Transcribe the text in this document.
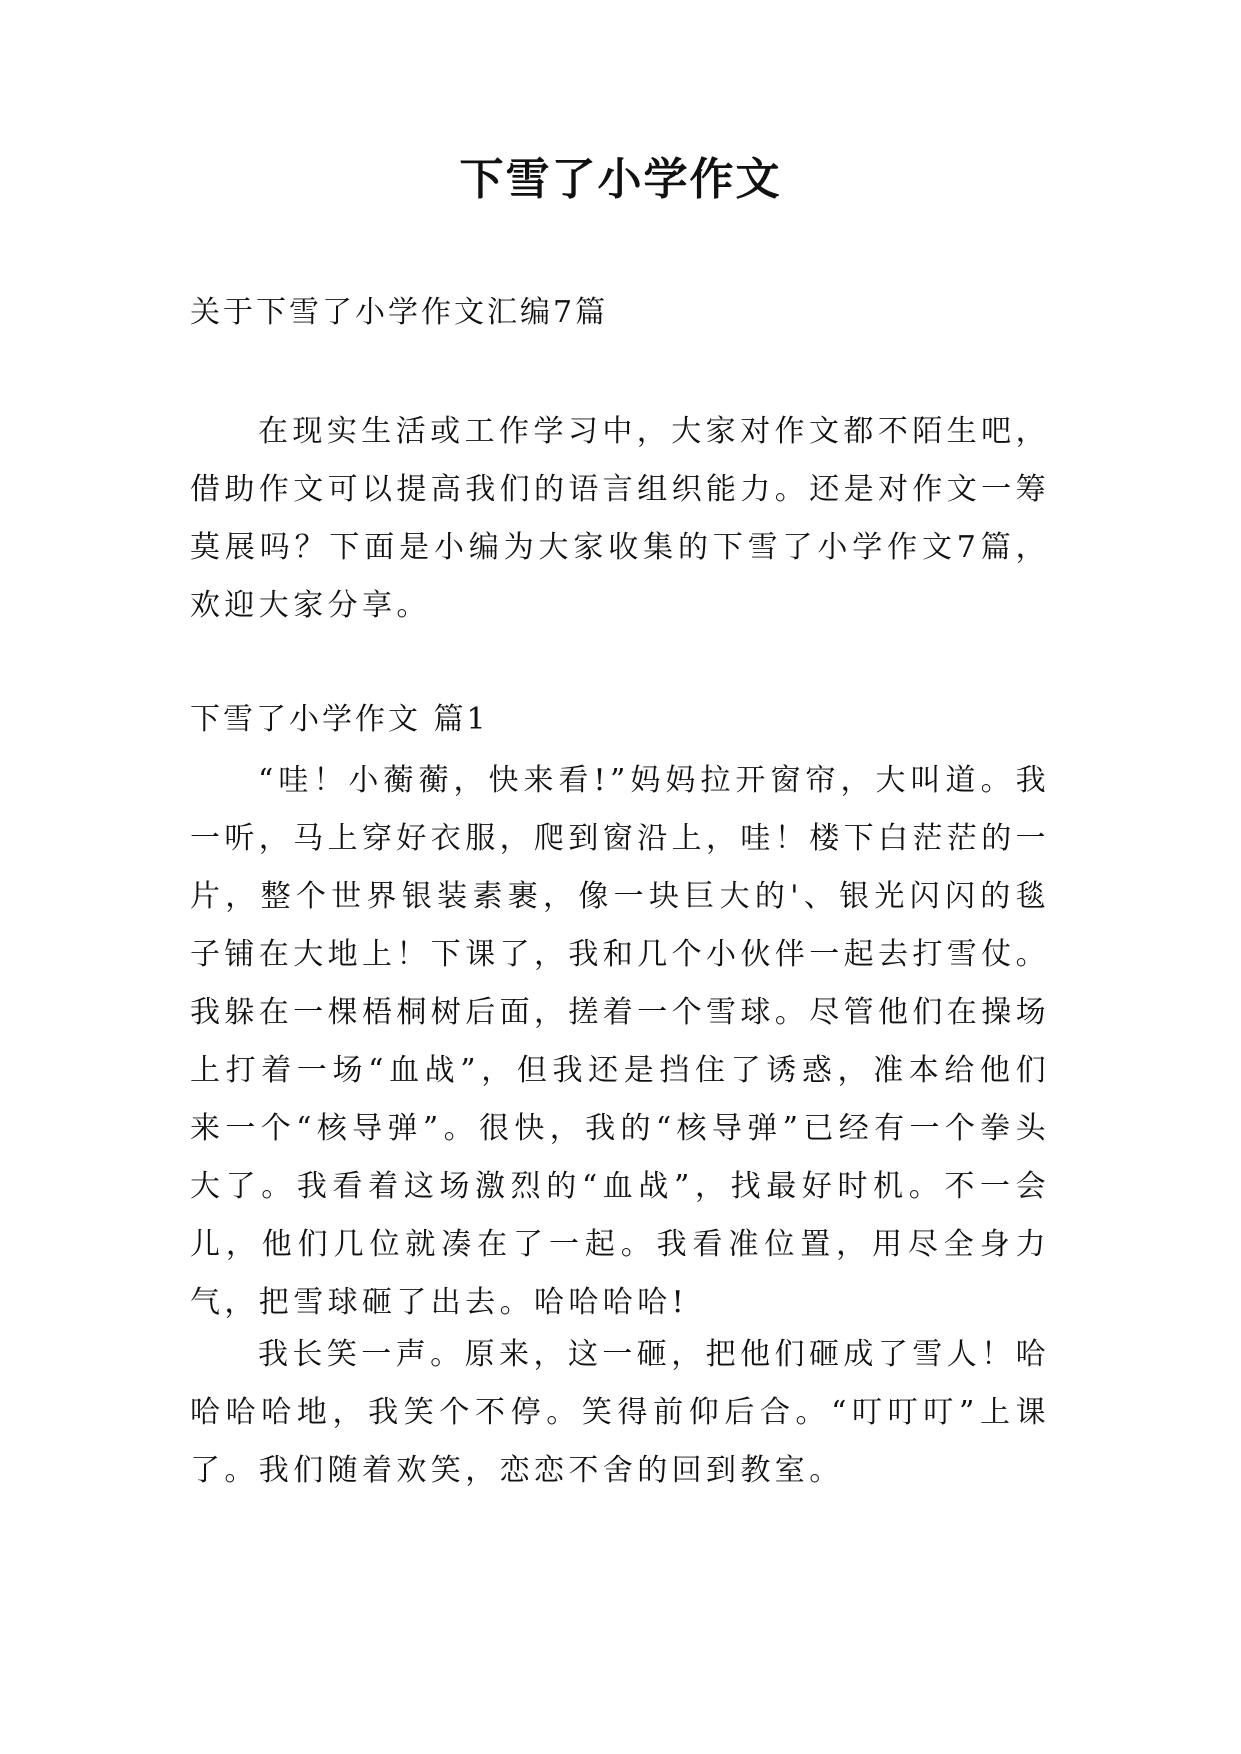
下雪了小学作文

关于下雪了小学作文汇编7篇

在现实生活或工作学习中，大家对作文都不陌生吧，借助作文可以提高我们的语言组织能力。还是对作文一筹莫展吗？下面是小编为大家收集的下雪了小学作文7篇，欢迎大家分享。

下雪了小学作文 篇1

“哇！小蘅蘅，快来看!”妈妈拉开窗帘，大叫道。我一听，马上穿好衣服，爬到窗沿上，哇！楼下白茫茫的一片，整个世界银装素裹，像一块巨大的'、银光闪闪的毯子铺在大地上！下课了，我和几个小伙伴一起去打雪仗。我躲在一棵梧桐树后面，搓着一个雪球。尽管他们在操场上打着一场“血战”，但我还是挡住了诱惑，准本给他们来一个“核导弹”。很快，我的“核导弹”已经有一个拳头大了。我看着这场激烈的“血战”，找最好时机。不一会儿，他们几位就凑在了一起。我看准位置，用尽全身力气，把雪球砸了出去。哈哈哈哈!

我长笑一声。原来，这一砸，把他们砸成了雪人！哈哈哈哈地，我笑个不停。笑得前仰后合。“叮叮叮”上课了。我们随着欢笑，恋恋不舍的回到教室。
